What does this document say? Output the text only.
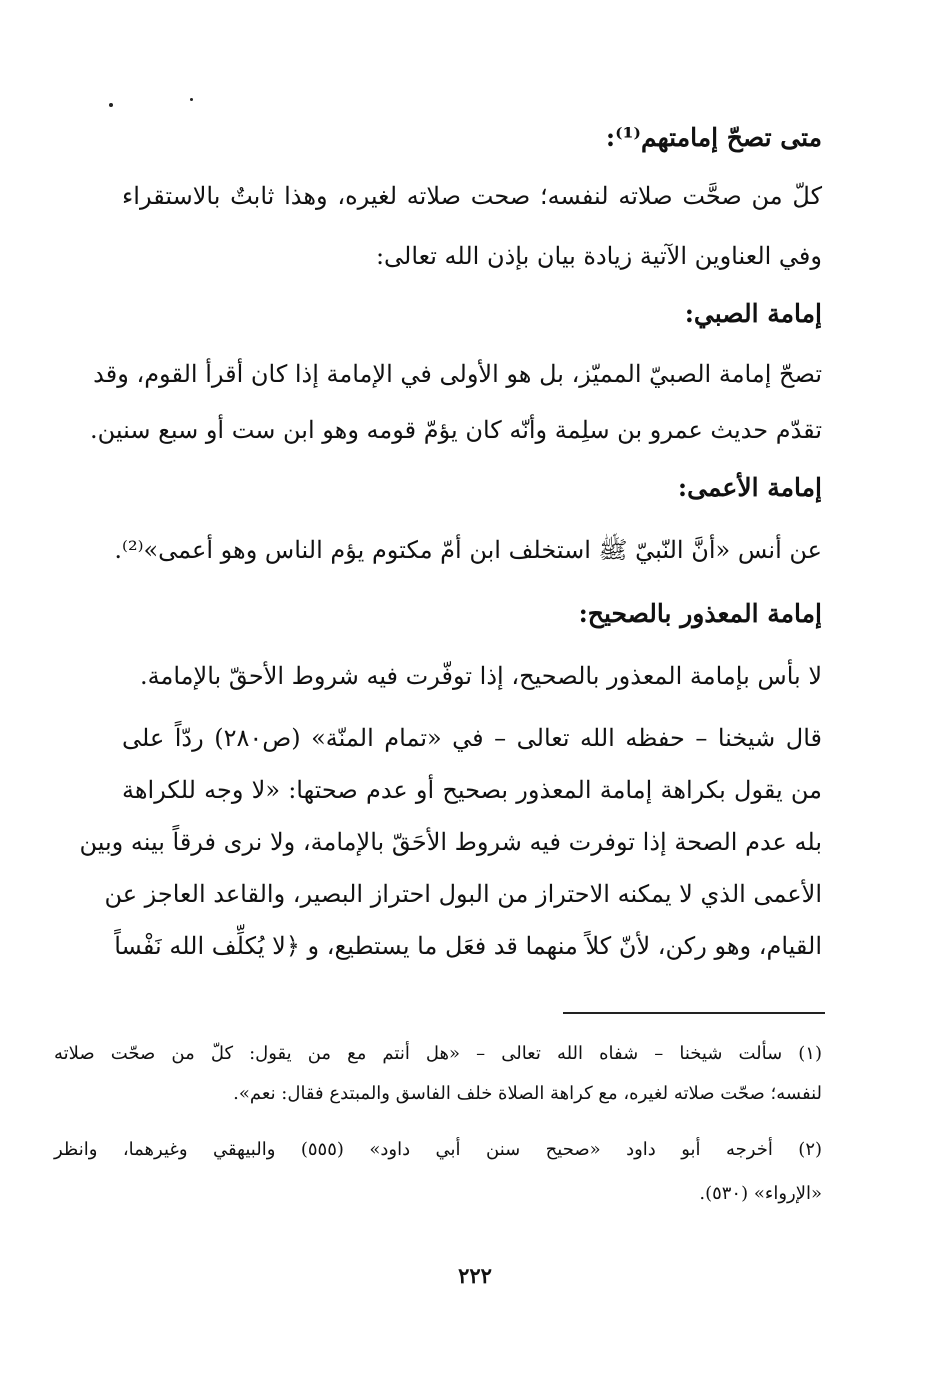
متى تصحّ إمامتهم⁽¹⁾:
كلّ من صحَّت صلاته لنفسه؛ صحت صلاته لغيره، وهذا ثابتٌ بالاستقراء
وفي العناوين الآتية زيادة بيان بإذن الله تعالى:
إمامة الصبي:
تصحّ إمامة الصبيّ المميّز، بل هو الأولى في الإمامة إذا كان أقرأ القوم، وقد
تقدّم حديث عمرو بن سلِمة وأنّه كان يؤمّ قومه وهو ابن ست أو سبع سنين.
إمامة الأعمى:
عن أنس «أنَّ النّبيّ ﷺ استخلف ابن أمّ مكتوم يؤم الناس وهو أعمى»⁽²⁾.
إمامة المعذور بالصحيح:
لا بأس بإمامة المعذور بالصحيح، إذا توفّرت فيه شروط الأحقّ بالإمامة.
قال شيخنا – حفظه الله تعالى – في «تمام المنّة» (ص٢٨٠) ردّاً على
من يقول بكراهة إمامة المعذور بصحيح أو عدم صحتها: «لا وجه للكراهة
بله عدم الصحة إذا توفرت فيه شروط الأحَقّ بالإمامة، ولا نرى فرقاً بينه وبين
الأعمى الذي لا يمكنه الاحتراز من البول احتراز البصير، والقاعد العاجز عن
القيام، وهو ركن، لأنّ كلاً منهما قد فعَل ما يستطيع، و ﴿لا يُكلِّف الله نَفْساً
(١) سألت شيخنا – شفاه الله تعالى – «هل أنتم مع من يقول: كلّ من صحّت صلاته
لنفسه؛ صحّت صلاته لغيره، مع كراهة الصلاة خلف الفاسق والمبتدع فقال: نعم».
(٢) أخرجه أبو داود «صحيح سنن أبي داود» (٥٥٥) والبيهقي وغيرهما، وانظر
«الإرواء» (٥٣٠).
٢٢٢
